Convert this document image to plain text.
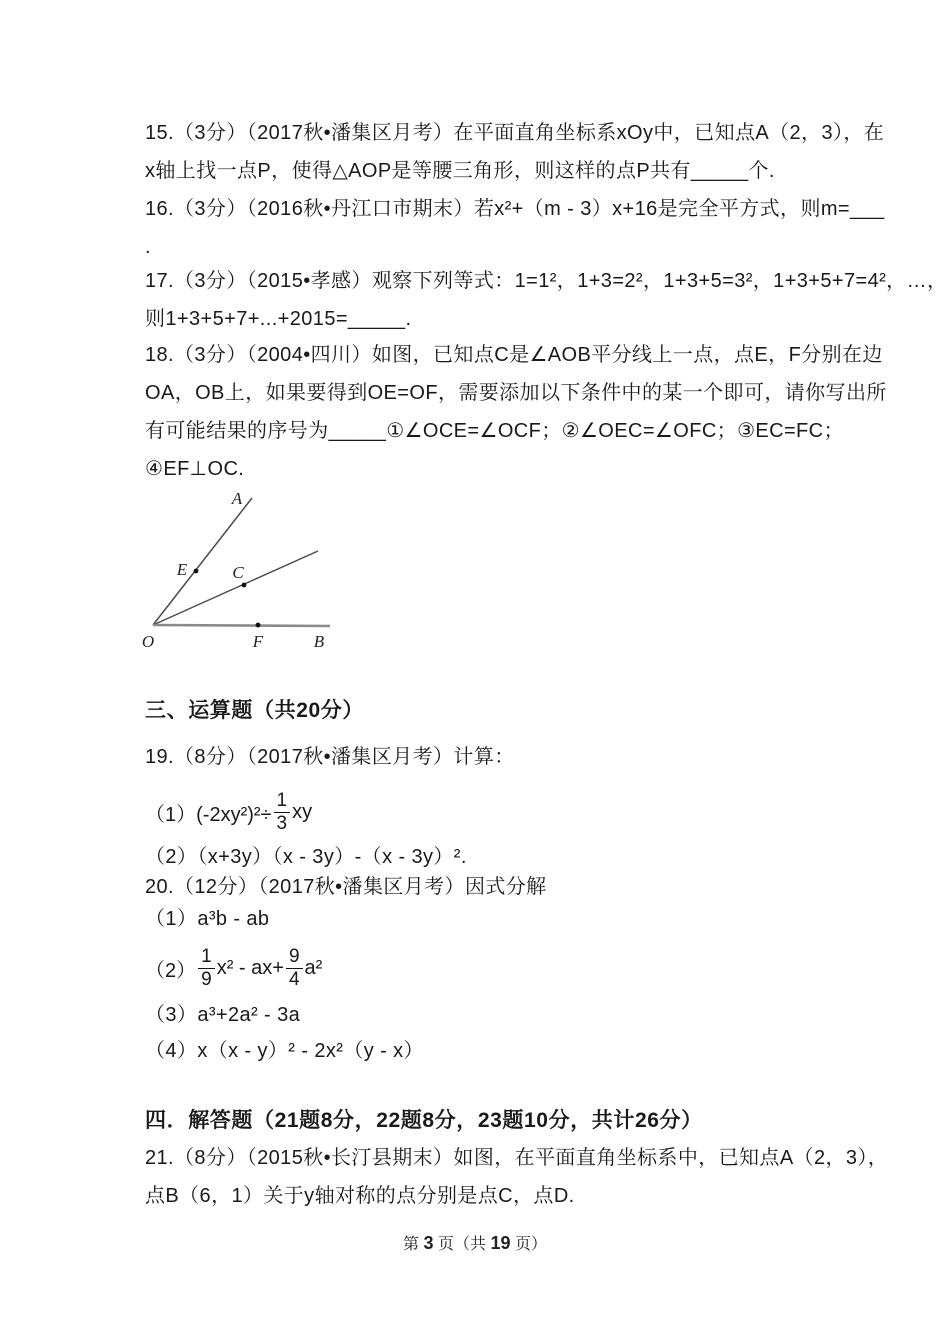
15.（3分）（2017秋•潘集区月考）在平面直角坐标系xOy中，已知点A（2，3），在
x轴上找一点P，使得△AOP是等腰三角形，则这样的点P共有_____个.
16.（3分）（2016秋•丹江口市期末）若x²+（m - 3）x+16是完全平方式，则m=___
.
17.（3分）（2015•孝感）观察下列等式：1=1²，1+3=2²，1+3+5=3²，1+3+5+7=4²，…，
则1+3+5+7+...+2015=_____.
18.（3分）（2004•四川）如图，已知点C是∠AOB平分线上一点，点E，F分别在边
OA，OB上，如果要得到OE=OF，需要添加以下条件中的某一个即可，请你写出所
有可能结果的序号为_____①∠OCE=∠OCF；②∠OEC=∠OFC；③EC=FC；
④EF⊥OC.
A
E	C
O	F	B
三、运算题（共20分）
19.（8分）（2017秋•潘集区月考）计算：
$(1)(-2xy^2)^2\div \frac{1}{3}$ xy
（2）（x+3y）（x - 3y）-（x - 3y）².
20.（12分）（2017秋•潘集区月考）因式分解
（1）a³b - ab
$(2) \frac{1}{9} x^2 - ax+ \frac{9}{4} a^2$
（3）a³+2a² - 3a
（4）x（x - y）² - 2x²（y - x）
四．解答题（21题8分，22题8分，23题10分，共计26分）
21.（8分）（2015秋•长汀县期末）如图，在平面直角坐标系中，已知点A（2，3），
点B（6，1）关于y轴对称的点分别是点C，点D.
第 3 页（共 19 页）
